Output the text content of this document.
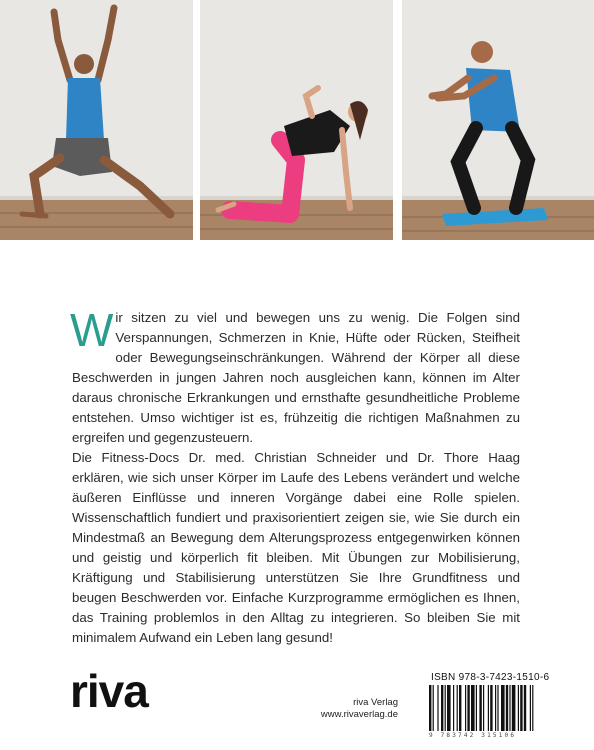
Wir sitzen zu viel und bewegen uns zu wenig. Die Folgen sind Verspannungen, Schmerzen in Knie, Hüfte oder Rücken, Steifheit oder Bewegungseinschränkungen. Während der Körper all diese Beschwerden in jungen Jahren noch ausgleichen kann, können im Alter daraus chronische Erkrankungen und ernsthafte gesundheitliche Probleme entstehen. Umso wichtiger ist es, frühzeitig die richtigen Maßnahmen zu ergreifen und gegenzusteuern.

Die Fitness-Docs Dr. med. Christian Schneider und Dr. Thore Haag erklären, wie sich unser Körper im Laufe des Lebens verändert und welche äußeren Einflüsse und inneren Vorgänge dabei eine Rolle spielen. Wissenschaftlich fundiert und praxisorientiert zeigen sie, wie Sie durch ein Mindestmaß an Bewegung dem Alterungsprozess entgegenwirken können und geistig und körperlich fit bleiben. Mit Übungen zur Mobilisierung, Kräftigung und Stabilisierung unterstützen Sie Ihre Grundfitness und beugen Beschwerden vor. Einfache Kurzprogramme ermöglichen es Ihnen, das Training problemlos in den Alltag zu integrieren. So bleiben Sie mit minimalem Aufwand ein Leben lang gesund!

riva	riva Verlag
www.rivaverlag.de
ISBN 978-3-7423-1510-6
9 783742 315106
